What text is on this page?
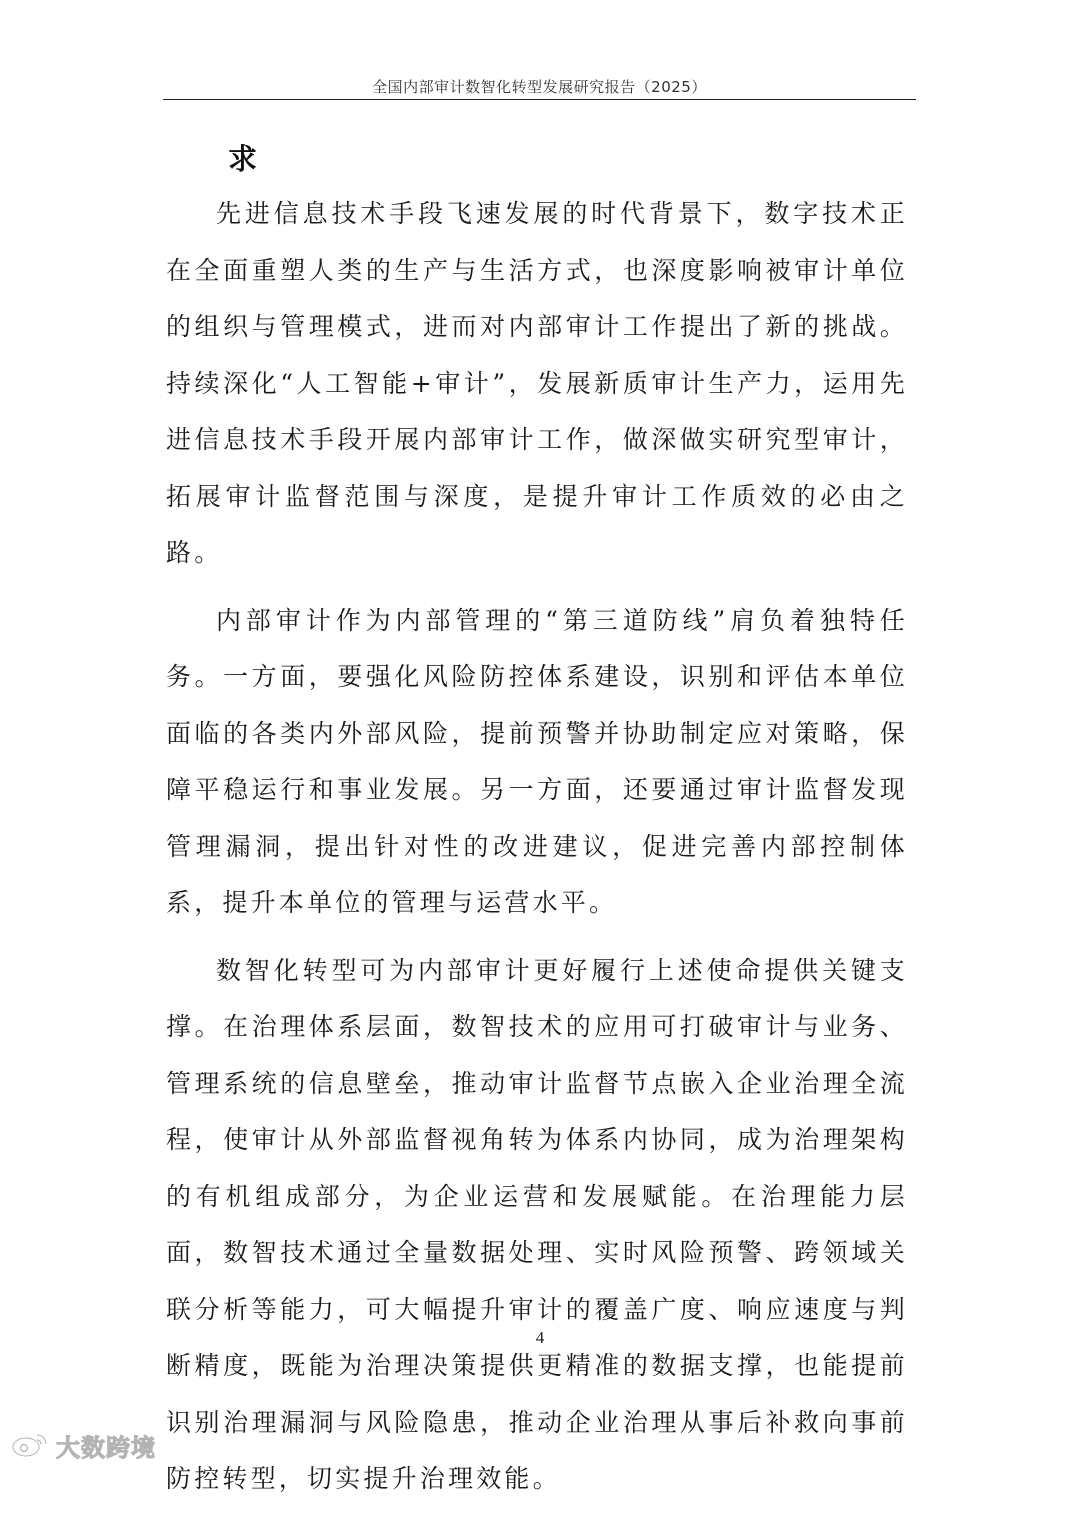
全国内部审计数智化转型发展研究报告（2025）
求

先进信息技术手段飞速发展的时代背景下，数字技术正在全面重塑人类的生产与生活方式，也深度影响被审计单位的组织与管理模式，进而对内部审计工作提出了新的挑战。持续深化“人工智能+审计”，发展新质审计生产力，运用先进信息技术手段开展内部审计工作，做深做实研究型审计，拓展审计监督范围与深度，是提升审计工作质效的必由之路。

内部审计作为内部管理的“第三道防线”肩负着独特任务。一方面，要强化风险防控体系建设，识别和评估本单位面临的各类内外部风险，提前预警并协助制定应对策略，保障平稳运行和事业发展。另一方面，还要通过审计监督发现管理漏洞，提出针对性的改进建议，促进完善内部控制体系，提升本单位的管理与运营水平。

数智化转型可为内部审计更好履行上述使命提供关键支撑。在治理体系层面，数智技术的应用可打破审计与业务、管理系统的信息壁垒，推动审计监督节点嵌入企业治理全流程，使审计从外部监督视角转为体系内协同，成为治理架构的有机组成部分，为企业运营和发展赋能。在治理能力层面，数智技术通过全量数据处理、实时风险预警、跨领域关联分析等能力，可大幅提升审计的覆盖广度、响应速度与判断精度，既能为治理决策提供更精准的数据支撑，也能提前识别治理漏洞与风险隐患，推动企业治理从事后补救向事前防控转型，切实提升治理效能。

4
大数跨境
